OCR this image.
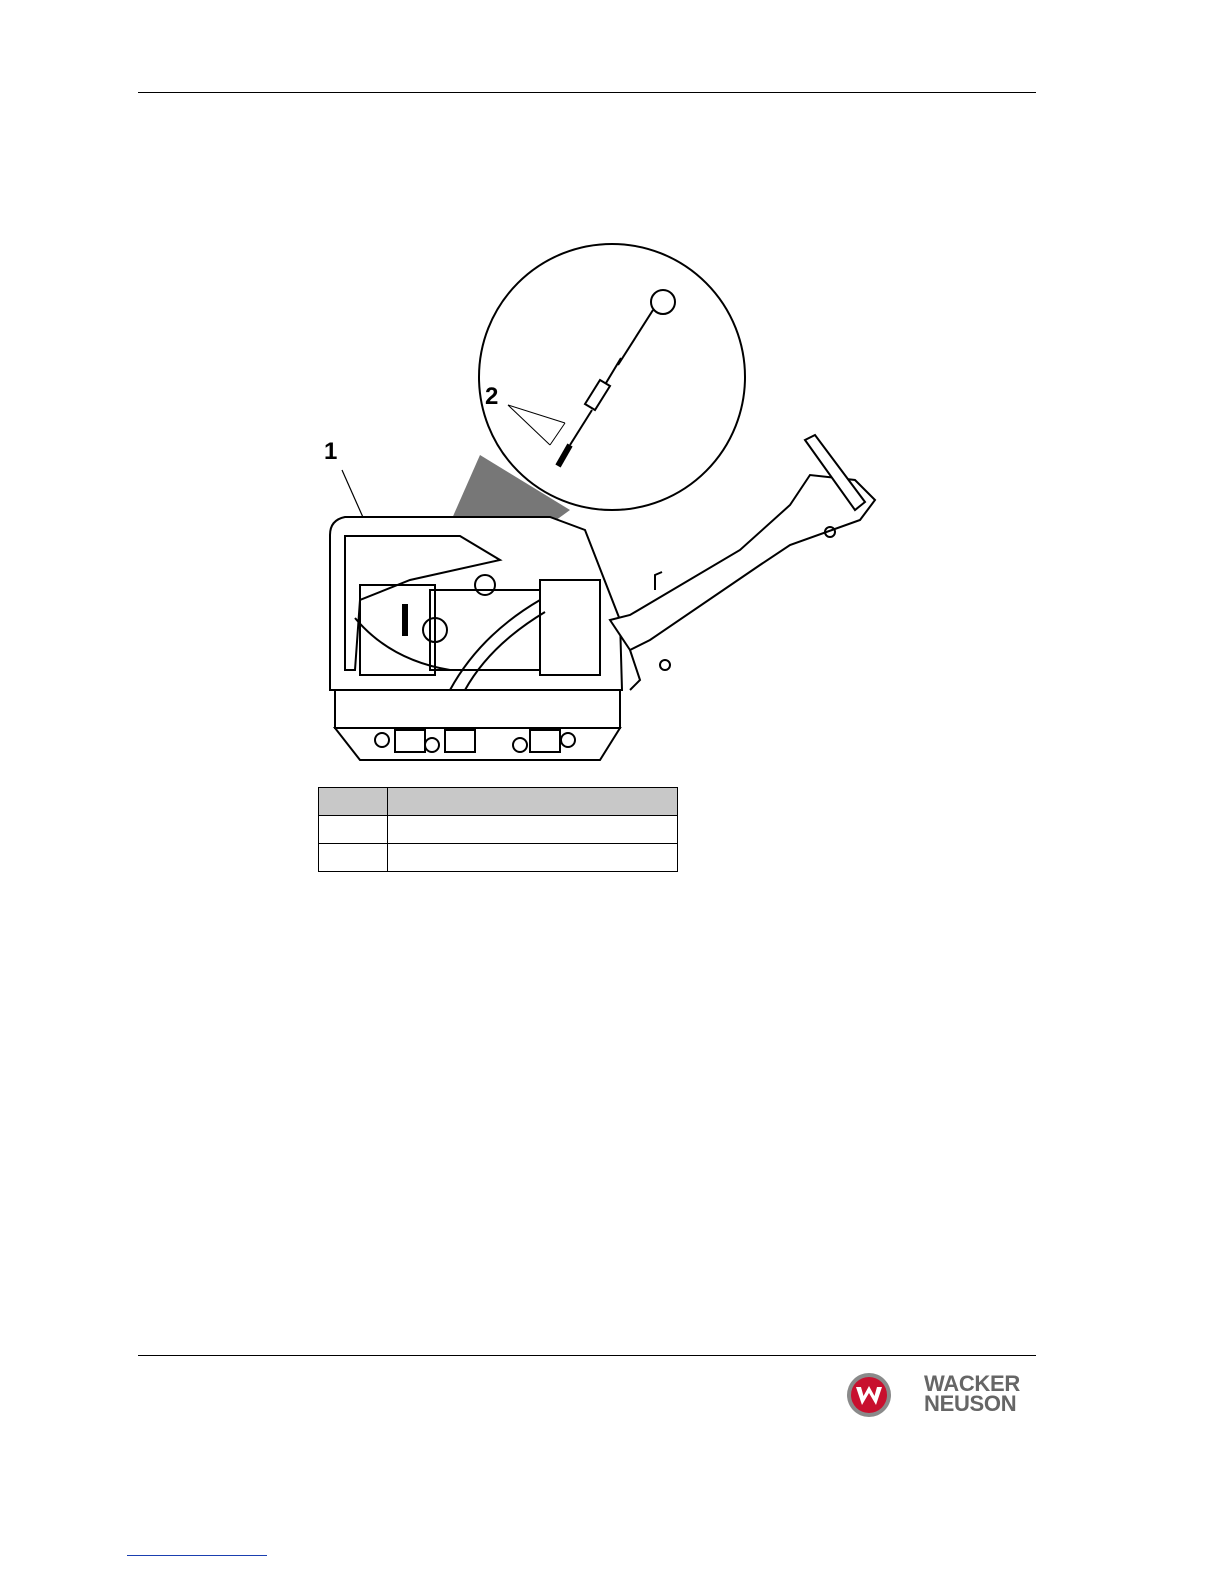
1
2

WACKER
NEUSON
